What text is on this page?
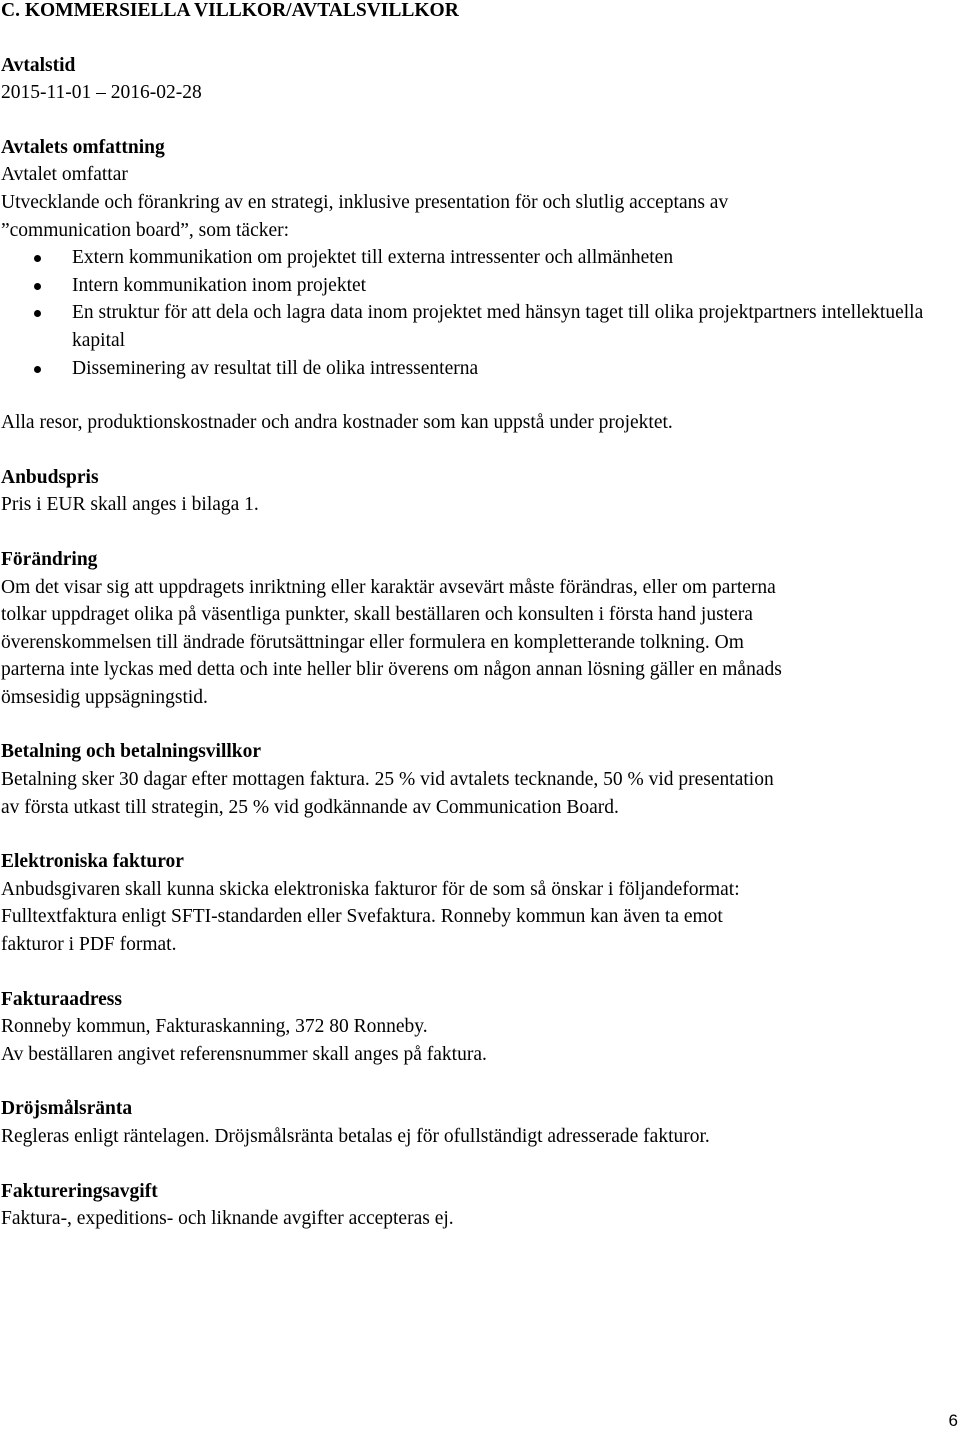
C. KOMMERSIELLA VILLKOR/AVTALSVILLKOR
Avtalstid
2015-11-01 – 2016-02-28
Avtalets omfattning
Avtalet omfattar
Utvecklande och förankring av en strategi, inklusive presentation för och slutlig acceptans av
”communication board”, som täcker:
Extern kommunikation om projektet till externa intressenter och allmänheten
Intern kommunikation inom projektet
En struktur för att dela och lagra data inom projektet med hänsyn taget till olika projektpartners intellektuella kapital
Disseminering av resultat till de olika intressenterna
Alla resor, produktionskostnader och andra kostnader som kan uppstå under projektet.
Anbudspris
Pris i EUR skall anges i bilaga 1.
Förändring
Om det visar sig att uppdragets inriktning eller karaktär avsevärt måste förändras, eller om parterna
tolkar uppdraget olika på väsentliga punkter, skall beställaren och konsulten i första hand justera
överenskommelsen till ändrade förutsättningar eller formulera en kompletterande tolkning. Om
parterna inte lyckas med detta och inte heller blir överens om någon annan lösning gäller en månads
ömsesidig uppsägningstid.
Betalning och betalningsvillkor
Betalning sker 30 dagar efter mottagen faktura. 25 % vid avtalets tecknande, 50 % vid presentation
av första utkast till strategin, 25 % vid godkännande av Communication Board.
Elektroniska fakturor
Anbudsgivaren skall kunna skicka elektroniska fakturor för de som så önskar i följandeformat:
Fulltextfaktura enligt SFTI-standarden eller Svefaktura. Ronneby kommun kan även ta emot
fakturor i PDF format.
Fakturaadress
Ronneby kommun, Fakturaskanning, 372 80 Ronneby.
Av beställaren angivet referensnummer skall anges på faktura.
Dröjsmålsränta
Regleras enligt räntelagen. Dröjsmålsränta betalas ej för ofullständigt adresserade fakturor.
Faktureringsavgift
Faktura-, expeditions- och liknande avgifter accepteras ej.
6
